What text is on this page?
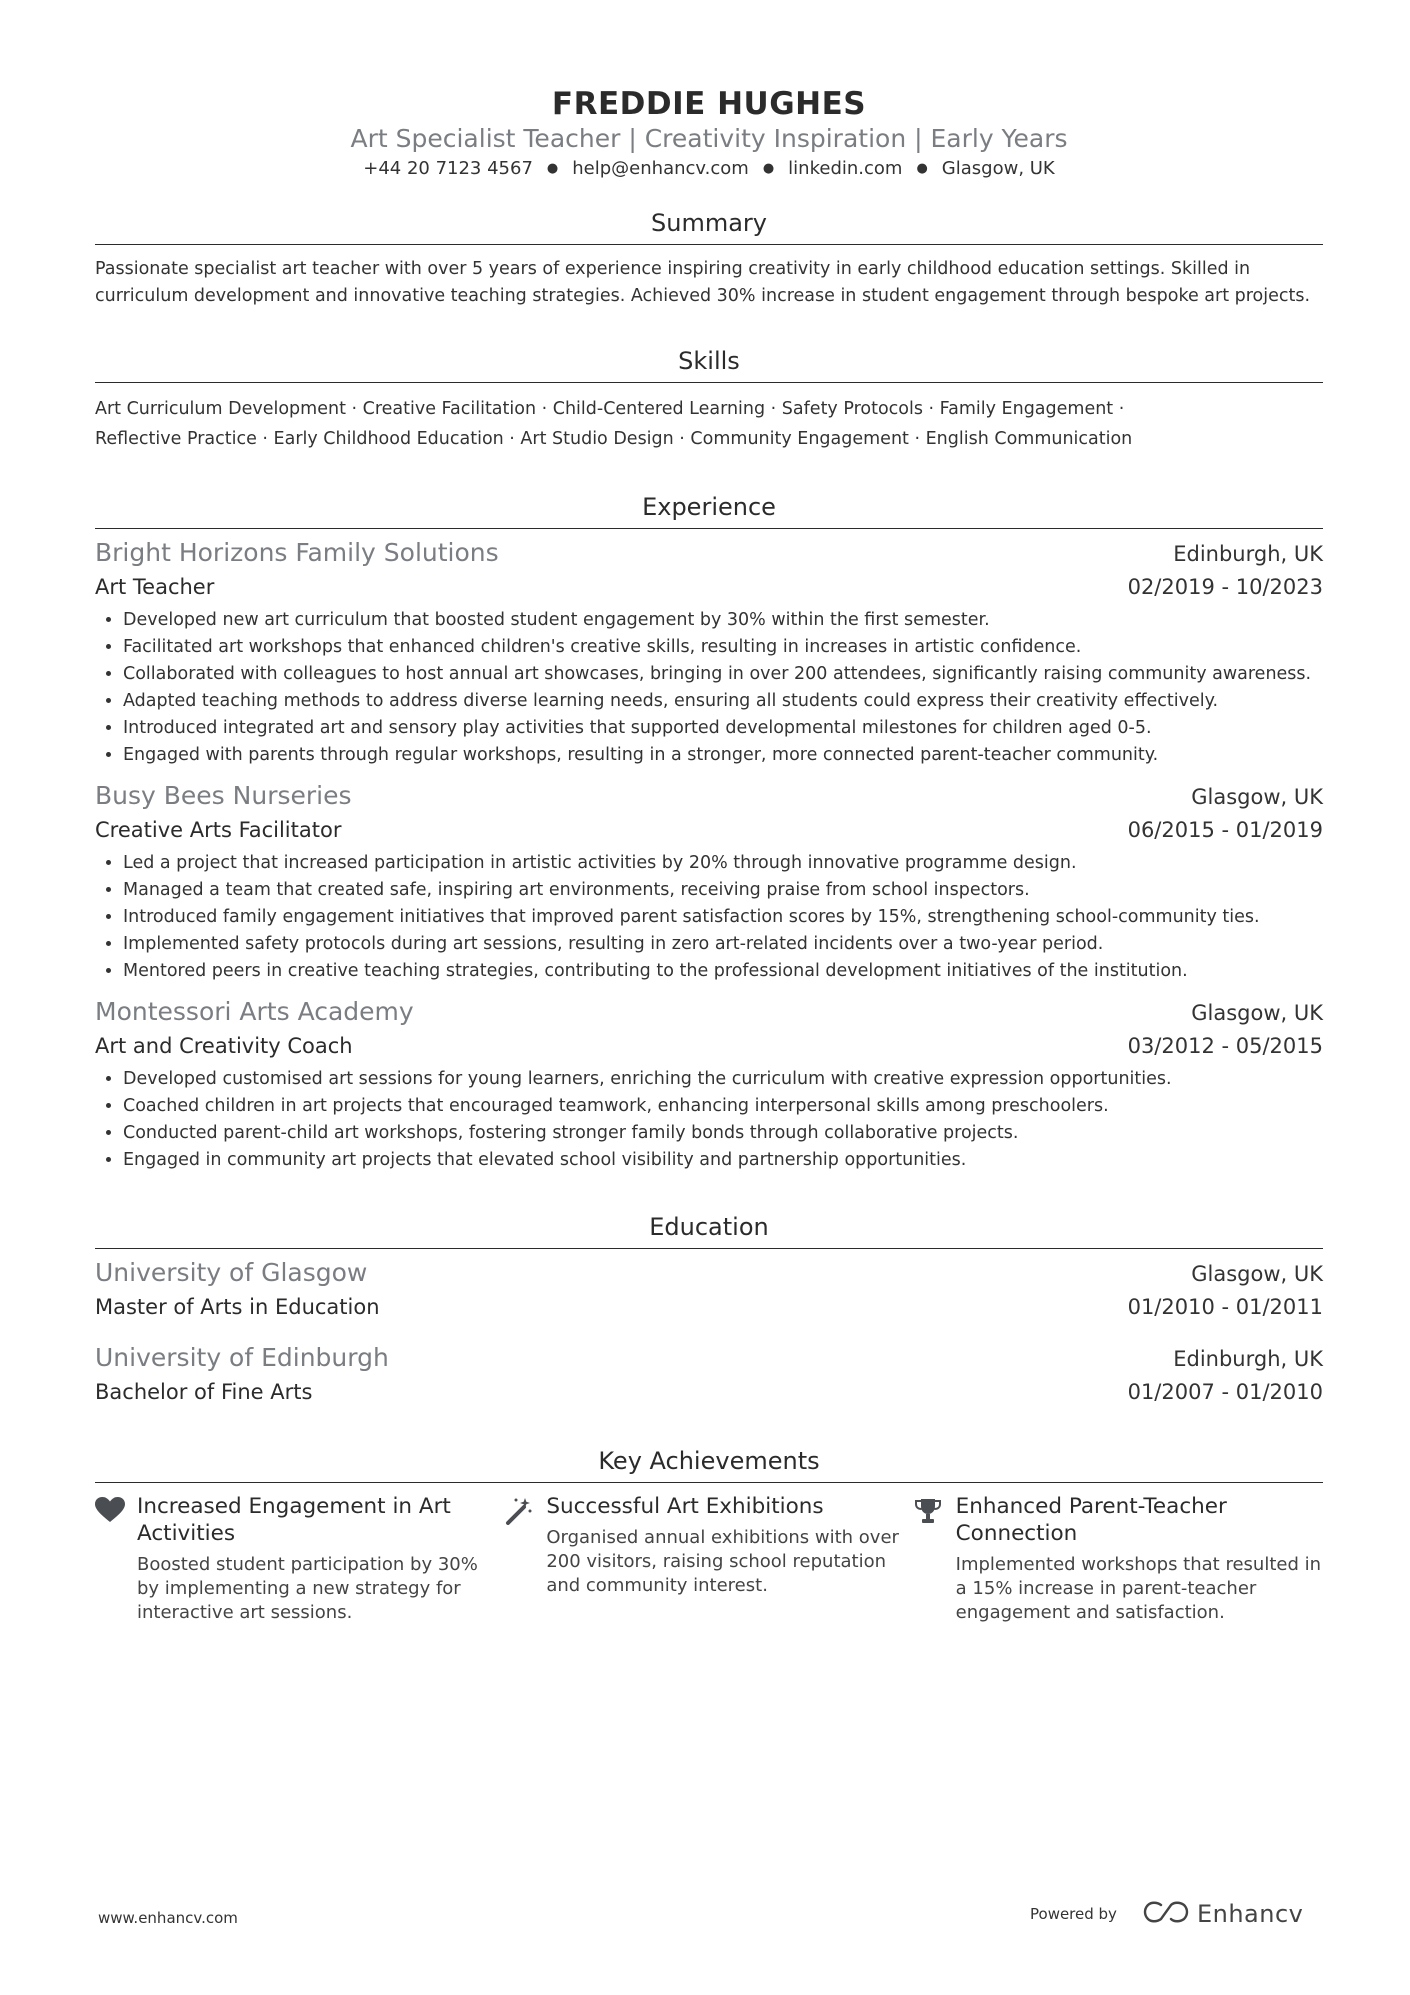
FREDDIE HUGHES
Art Specialist Teacher | Creativity Inspiration | Early Years
+44 20 7123 4567 ● help@enhancv.com ● linkedin.com ● Glasgow, UK
Summary
Passionate specialist art teacher with over 5 years of experience inspiring creativity in early childhood education settings. Skilled in curriculum development and innovative teaching strategies. Achieved 30% increase in student engagement through bespoke art projects.
Skills
Art Curriculum Development · Creative Facilitation · Child-Centered Learning · Safety Protocols · Family Engagement ·
Reflective Practice · Early Childhood Education · Art Studio Design · Community Engagement · English Communication
Experience
Bright Horizons Family Solutions	Edinburgh, UK
Art Teacher	02/2019 - 10/2023
• Developed new art curriculum that boosted student engagement by 30% within the first semester.
• Facilitated art workshops that enhanced children's creative skills, resulting in increases in artistic confidence.
• Collaborated with colleagues to host annual art showcases, bringing in over 200 attendees, significantly raising community awareness.
• Adapted teaching methods to address diverse learning needs, ensuring all students could express their creativity effectively.
• Introduced integrated art and sensory play activities that supported developmental milestones for children aged 0-5.
• Engaged with parents through regular workshops, resulting in a stronger, more connected parent-teacher community.
Busy Bees Nurseries	Glasgow, UK
Creative Arts Facilitator	06/2015 - 01/2019
• Led a project that increased participation in artistic activities by 20% through innovative programme design.
• Managed a team that created safe, inspiring art environments, receiving praise from school inspectors.
• Introduced family engagement initiatives that improved parent satisfaction scores by 15%, strengthening school-community ties.
• Implemented safety protocols during art sessions, resulting in zero art-related incidents over a two-year period.
• Mentored peers in creative teaching strategies, contributing to the professional development initiatives of the institution.
Montessori Arts Academy	Glasgow, UK
Art and Creativity Coach	03/2012 - 05/2015
• Developed customised art sessions for young learners, enriching the curriculum with creative expression opportunities.
• Coached children in art projects that encouraged teamwork, enhancing interpersonal skills among preschoolers.
• Conducted parent-child art workshops, fostering stronger family bonds through collaborative projects.
• Engaged in community art projects that elevated school visibility and partnership opportunities.
Education
University of Glasgow	Glasgow, UK
Master of Arts in Education	01/2010 - 01/2011
University of Edinburgh	Edinburgh, UK
Bachelor of Fine Arts	01/2007 - 01/2010
Key Achievements
Increased Engagement in Art Activities
Boosted student participation by 30% by implementing a new strategy for interactive art sessions.
Successful Art Exhibitions
Organised annual exhibitions with over 200 visitors, raising school reputation and community interest.
Enhanced Parent-Teacher Connection
Implemented workshops that resulted in a 15% increase in parent-teacher engagement and satisfaction.
www.enhancv.com	Powered by	Enhancv
